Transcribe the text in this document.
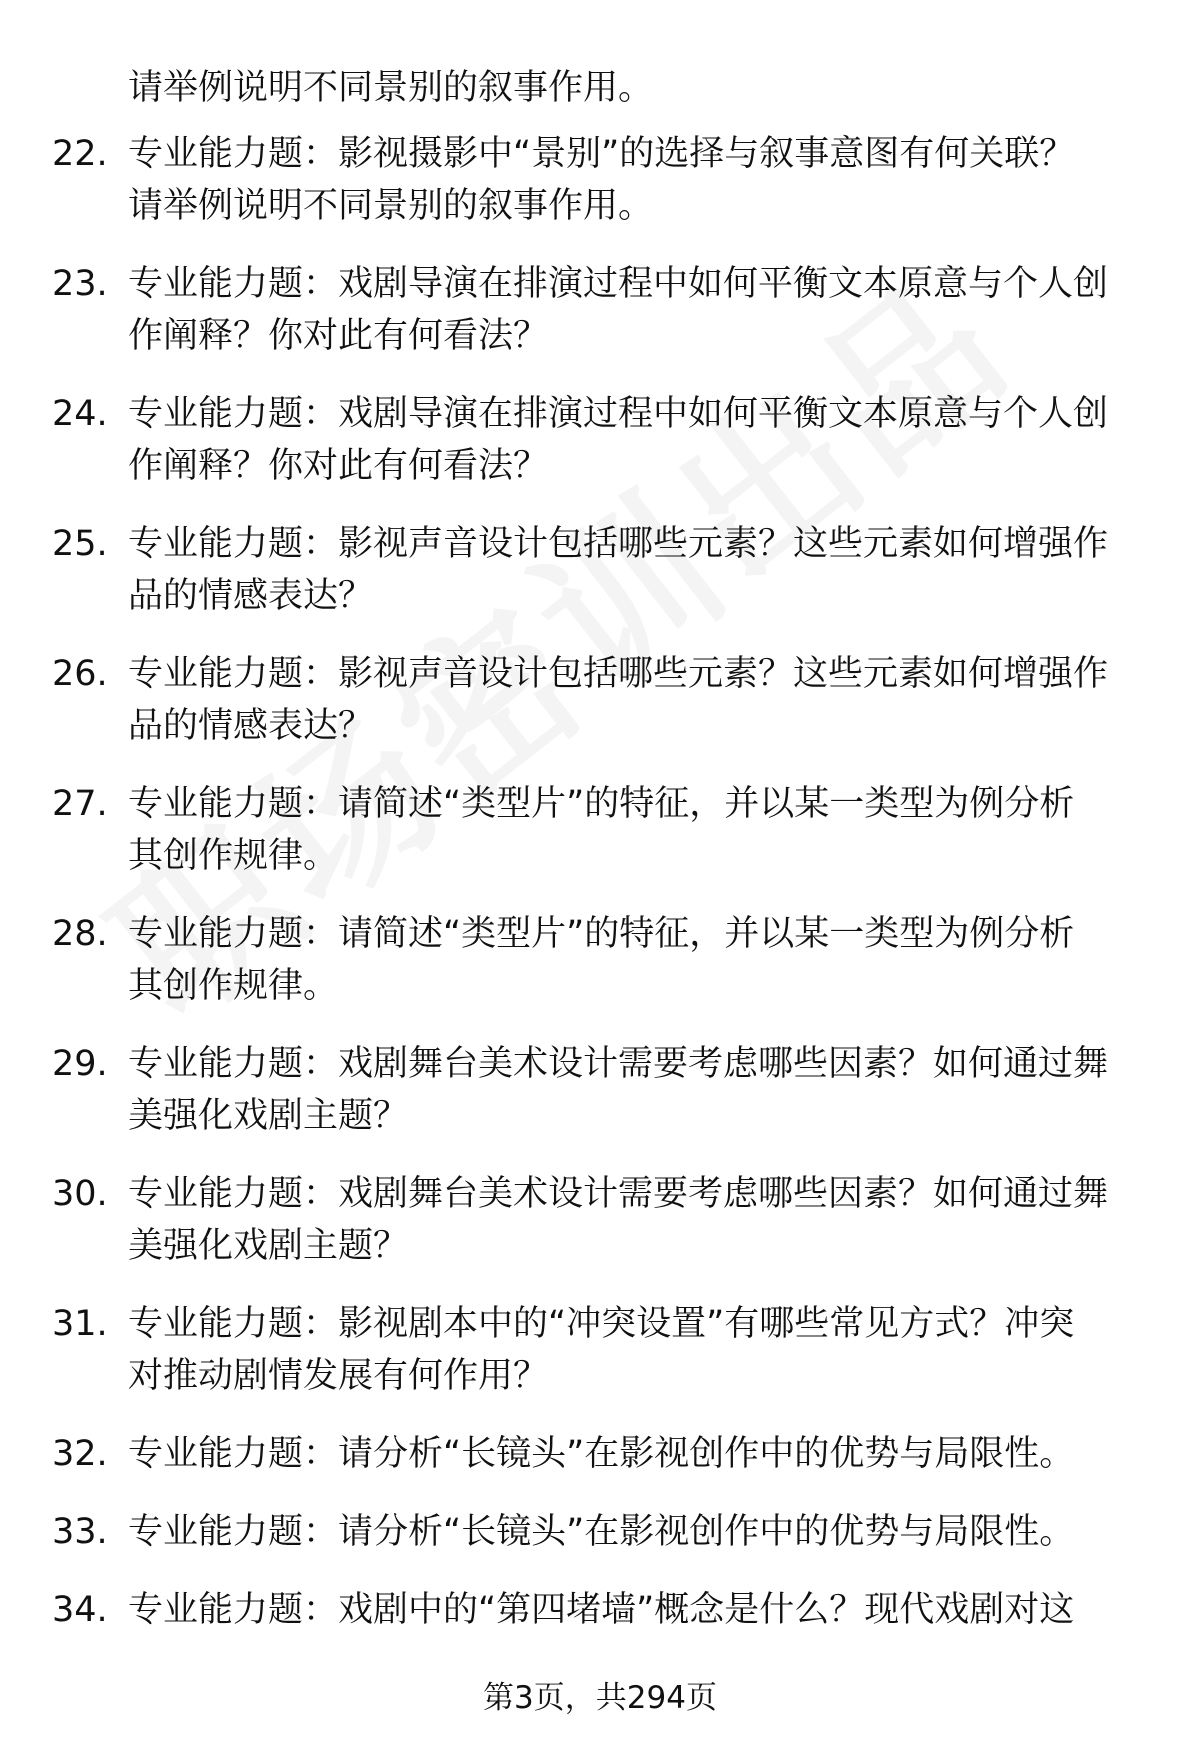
请举例说明不同景别的叙事作用。
22. 专业能力题：影视摄影中“景别”的选择与叙事意图有何关联？
请举例说明不同景别的叙事作用。
23. 专业能力题：戏剧导演在排演过程中如何平衡文本原意与个人创
作阐释？你对此有何看法？
24. 专业能力题：戏剧导演在排演过程中如何平衡文本原意与个人创
作阐释？你对此有何看法？
25. 专业能力题：影视声音设计包括哪些元素？这些元素如何增强作
品的情感表达？
26. 专业能力题：影视声音设计包括哪些元素？这些元素如何增强作
品的情感表达？
27. 专业能力题：请简述“类型片”的特征，并以某一类型为例分析
其创作规律。
28. 专业能力题：请简述“类型片”的特征，并以某一类型为例分析
其创作规律。
29. 专业能力题：戏剧舞台美术设计需要考虑哪些因素？如何通过舞
美强化戏剧主题？
30. 专业能力题：戏剧舞台美术设计需要考虑哪些因素？如何通过舞
美强化戏剧主题？
31. 专业能力题：影视剧本中的“冲突设置”有哪些常见方式？冲突
对推动剧情发展有何作用？
32. 专业能力题：请分析“长镜头”在影视创作中的优势与局限性。
33. 专业能力题：请分析“长镜头”在影视创作中的优势与局限性。
34. 专业能力题：戏剧中的“第四堵墙”概念是什么？现代戏剧对这
第3页，共294页
